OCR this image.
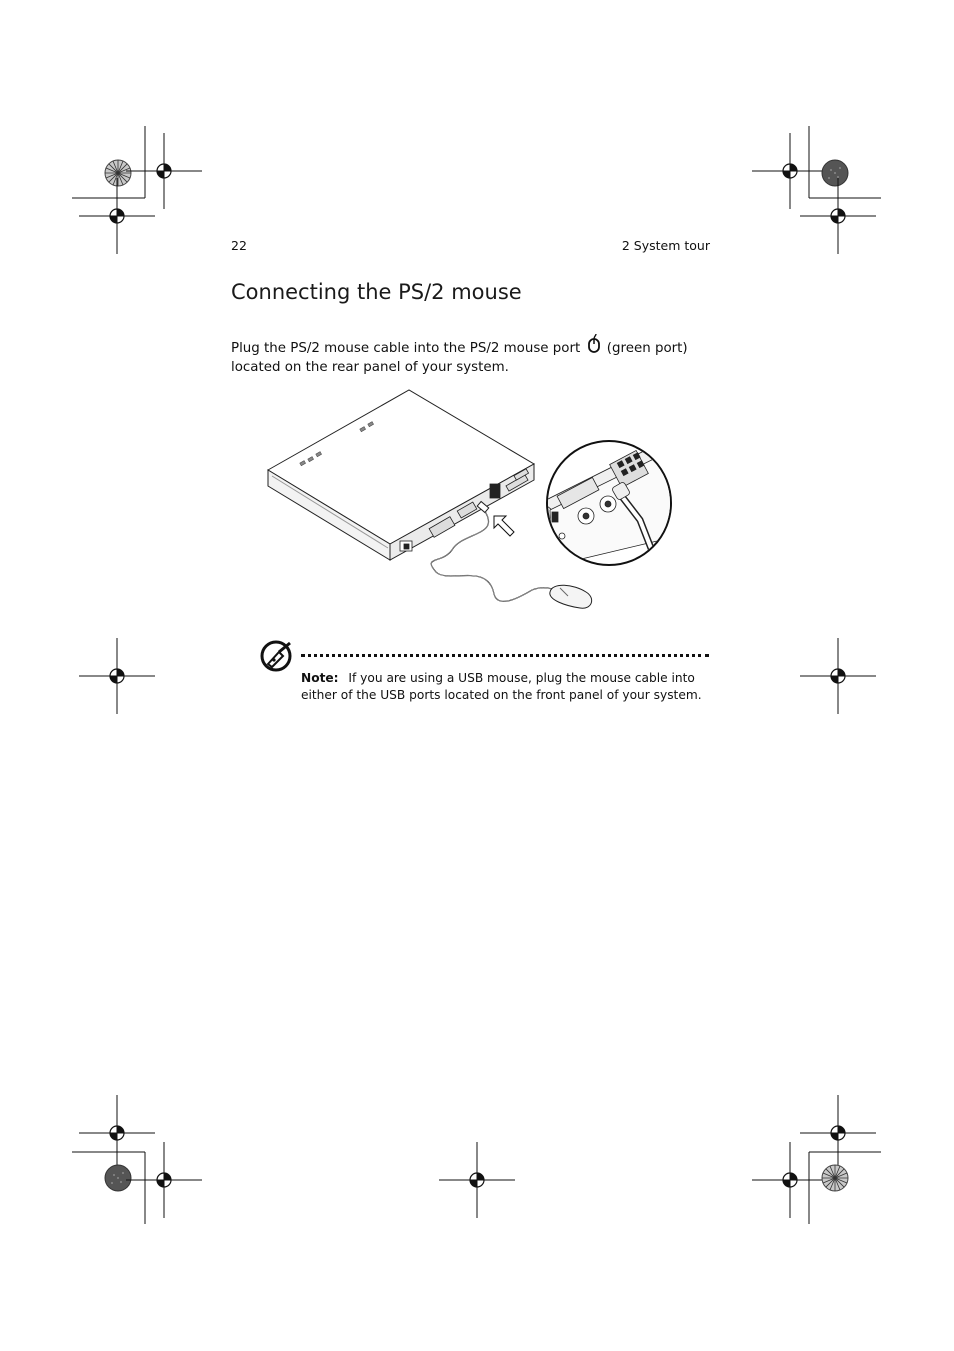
22	2 System tour
Connecting the PS/2 mouse
Plug the PS/2 mouse cable into the PS/2 mouse port (green port) located on the rear panel of your system.
Note: If you are using a USB mouse, plug the mouse cable into either of the USB ports located on the front panel of your system.
